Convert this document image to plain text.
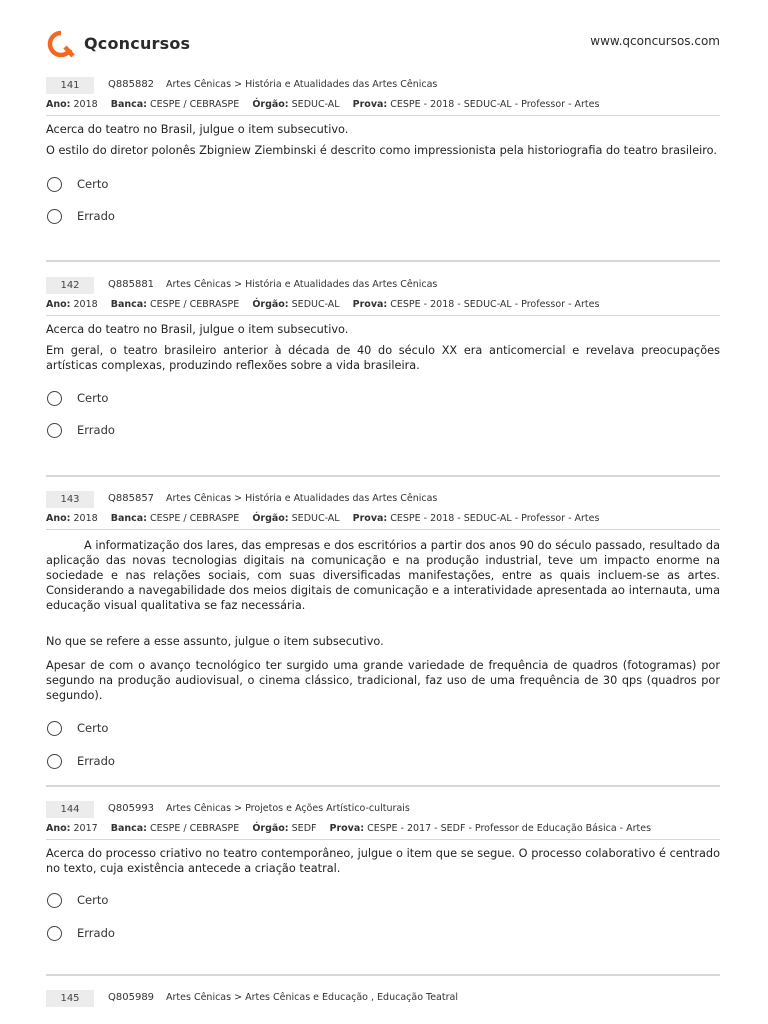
Qconcursos	www.qconcursos.com
141	Q885882 Artes Cênicas > História e Atualidades das Artes Cênicas
Ano: 2018 Banca: CESPE / CEBRASPE Órgão: SEDUC-AL Prova: CESPE - 2018 - SEDUC-AL - Professor - Artes
Acerca do teatro no Brasil, julgue o item subsecutivo.
O estilo do diretor polonês Zbigniew Ziembinski é descrito como impressionista pela historiografia do teatro brasileiro.
Certo
Errado
142	Q885881 Artes Cênicas > História e Atualidades das Artes Cênicas
Ano: 2018 Banca: CESPE / CEBRASPE Órgão: SEDUC-AL Prova: CESPE - 2018 - SEDUC-AL - Professor - Artes
Acerca do teatro no Brasil, julgue o item subsecutivo.
Em geral, o teatro brasileiro anterior à década de 40 do século XX era anticomercial e revelava preocupações artísticas complexas, produzindo reflexões sobre a vida brasileira.
Certo
Errado
143	Q885857 Artes Cênicas > História e Atualidades das Artes Cênicas
Ano: 2018 Banca: CESPE / CEBRASPE Órgão: SEDUC-AL Prova: CESPE - 2018 - SEDUC-AL - Professor - Artes
A informatização dos lares, das empresas e dos escritórios a partir dos anos 90 do século passado, resultado da aplicação das novas tecnologias digitais na comunicação e na produção industrial, teve um impacto enorme na sociedade e nas relações sociais, com suas diversificadas manifestações, entre as quais incluem-se as artes. Considerando a navegabilidade dos meios digitais de comunicação e a interatividade apresentada ao internauta, uma educação visual qualitativa se faz necessária.
No que se refere a esse assunto, julgue o item subsecutivo.
Apesar de com o avanço tecnológico ter surgido uma grande variedade de frequência de quadros (fotogramas) por segundo na produção audiovisual, o cinema clássico, tradicional, faz uso de uma frequência de 30 qps (quadros por segundo).
Certo
Errado
144	Q805993 Artes Cênicas > Projetos e Ações Artístico-culturais
Ano: 2017 Banca: CESPE / CEBRASPE Órgão: SEDF Prova: CESPE - 2017 - SEDF - Professor de Educação Básica - Artes
Acerca do processo criativo no teatro contemporâneo, julgue o item que se segue. O processo colaborativo é centrado no texto, cuja existência antecede a criação teatral.
Certo
Errado
145	Q805989 Artes Cênicas > Artes Cênicas e Educação , Educação Teatral
